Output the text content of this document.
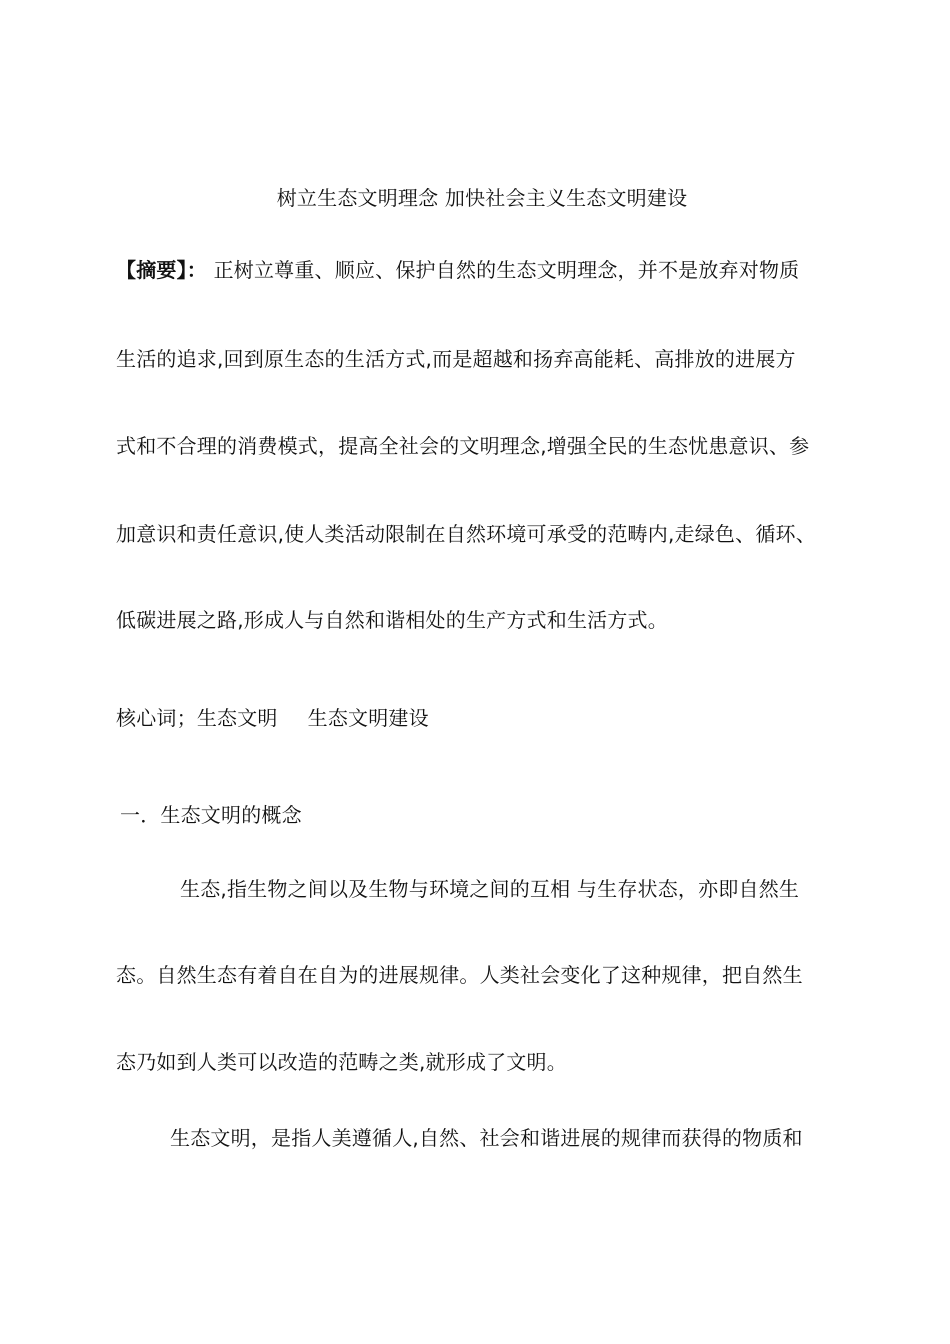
树立生态文明理念 加快社会主义生态文明建设
【摘要】： 正树立尊重、顺应、保护自然的生态文明理念，并不是放弃对物质
生活的追求,回到原生态的生活方式,而是超越和扬弃高能耗、高排放的进展方
式和不合理的消费模式，提高全社会的文明理念,增强全民的生态忧患意识、参
加意识和责任意识,使人类活动限制在自然环境可承受的范畴内,走绿色、循环、
低碳进展之路,形成人与自然和谐相处的生产方式和生活方式。
核心词；生态文明 生态文明建设
一．生态文明的概念
生态,指生物之间以及生物与环境之间的互相 与生存状态，亦即自然生
态。自然生态有着自在自为的进展规律。人类社会变化了这种规律，把自然生
态乃如到人类可以改造的范畴之类,就形成了文明。
生态文明，是指人美遵循人,自然、社会和谐进展的规律而获得的物质和
